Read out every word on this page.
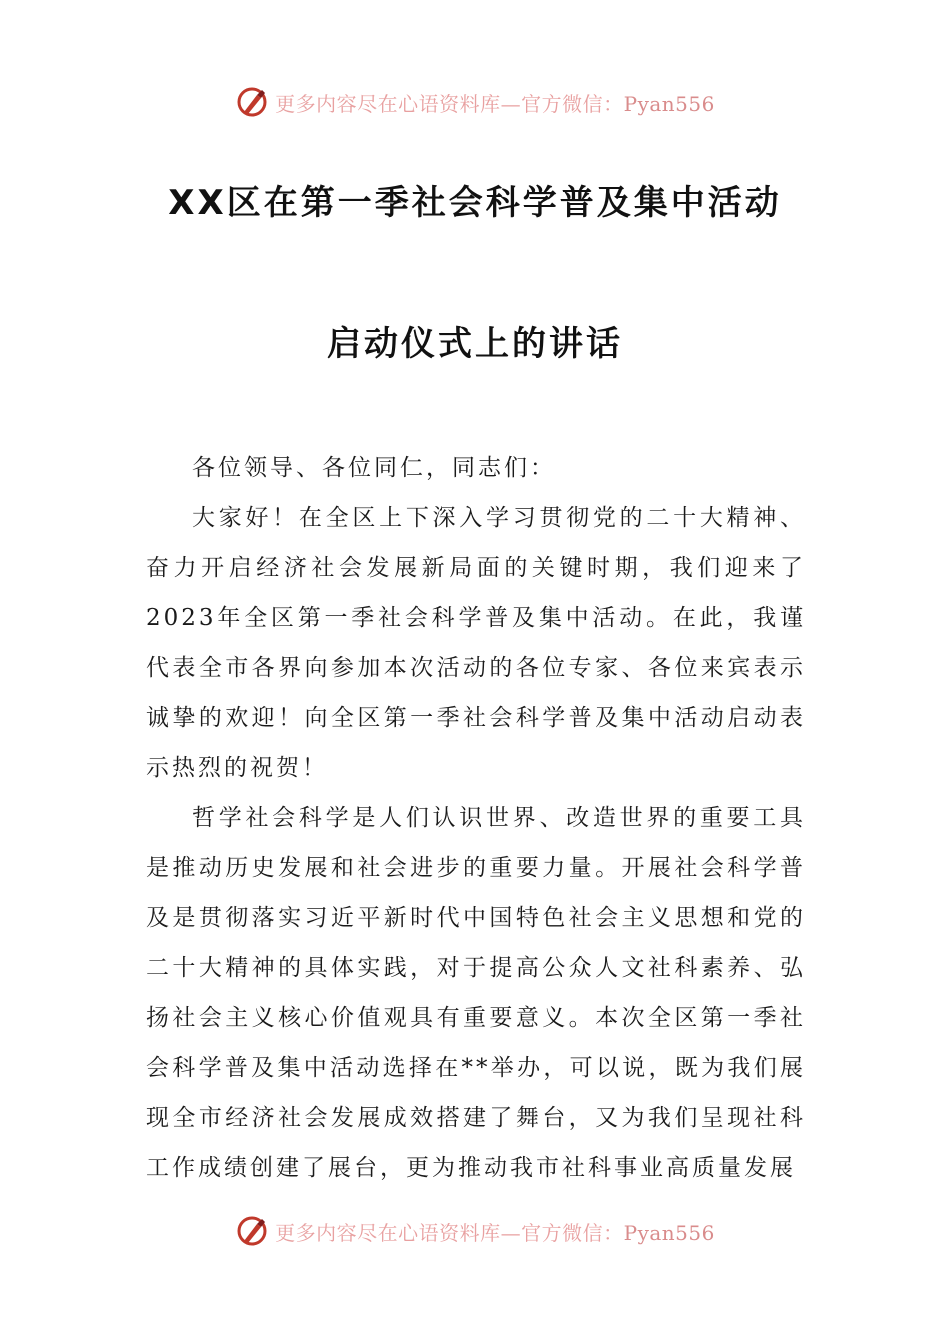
更多内容尽在心语资料库—官方微信：Pyan556
XX区在第一季社会科学普及集中活动
启动仪式上的讲话

各位领导、各位同仁，同志们：

大家好！在全区上下深入学习贯彻党的二十大精神、奋力开启经济社会发展新局面的关键时期，我们迎来了2023年全区第一季社会科学普及集中活动。在此，我谨代表全市各界向参加本次活动的各位专家、各位来宾表示诚挚的欢迎！向全区第一季社会科学普及集中活动启动表示热烈的祝贺！

哲学社会科学是人们认识世界、改造世界的重要工具是推动历史发展和社会进步的重要力量。开展社会科学普及是贯彻落实习近平新时代中国特色社会主义思想和党的二十大精神的具体实践，对于提高公众人文社科素养、弘扬社会主义核心价值观具有重要意义。本次全区第一季社会科学普及集中活动选择在**举办，可以说，既为我们展现全市经济社会发展成效搭建了舞台，又为我们呈现社科工作成绩创建了展台，更为推动我市社科事业高质量发展

更多内容尽在心语资料库—官方微信：Pyan556
